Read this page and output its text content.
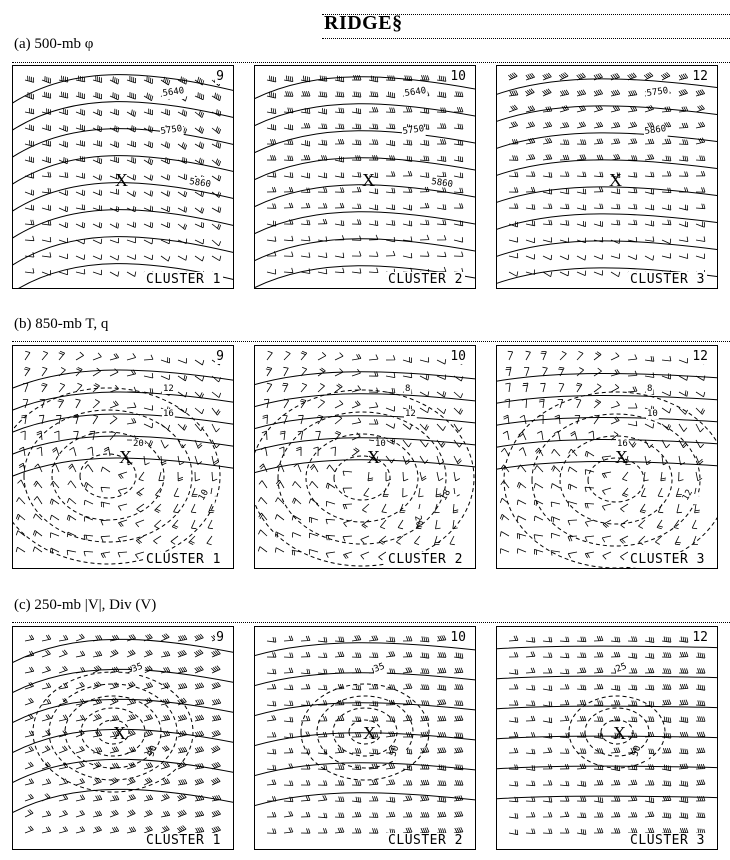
RIDGE§
(a) 500-mb φ
5640
5750
5860
X
9
CLUSTER 1
5640
5750
5860
X
10
CLUSTER 2
5750
5860
X
12
CLUSTER 3
(b) 850-mb T, q
12
16
20
10
X
9
CLUSTER 1
8
12
10
18
20
X
10
CLUSTER 2
8
10
16
12
X
12
CLUSTER 3
(c) 250-mb |V|, Div (V)
35
50
X
9
CLUSTER 1
35
50
X
10
CLUSTER 2
25
50
X
12
CLUSTER 3
